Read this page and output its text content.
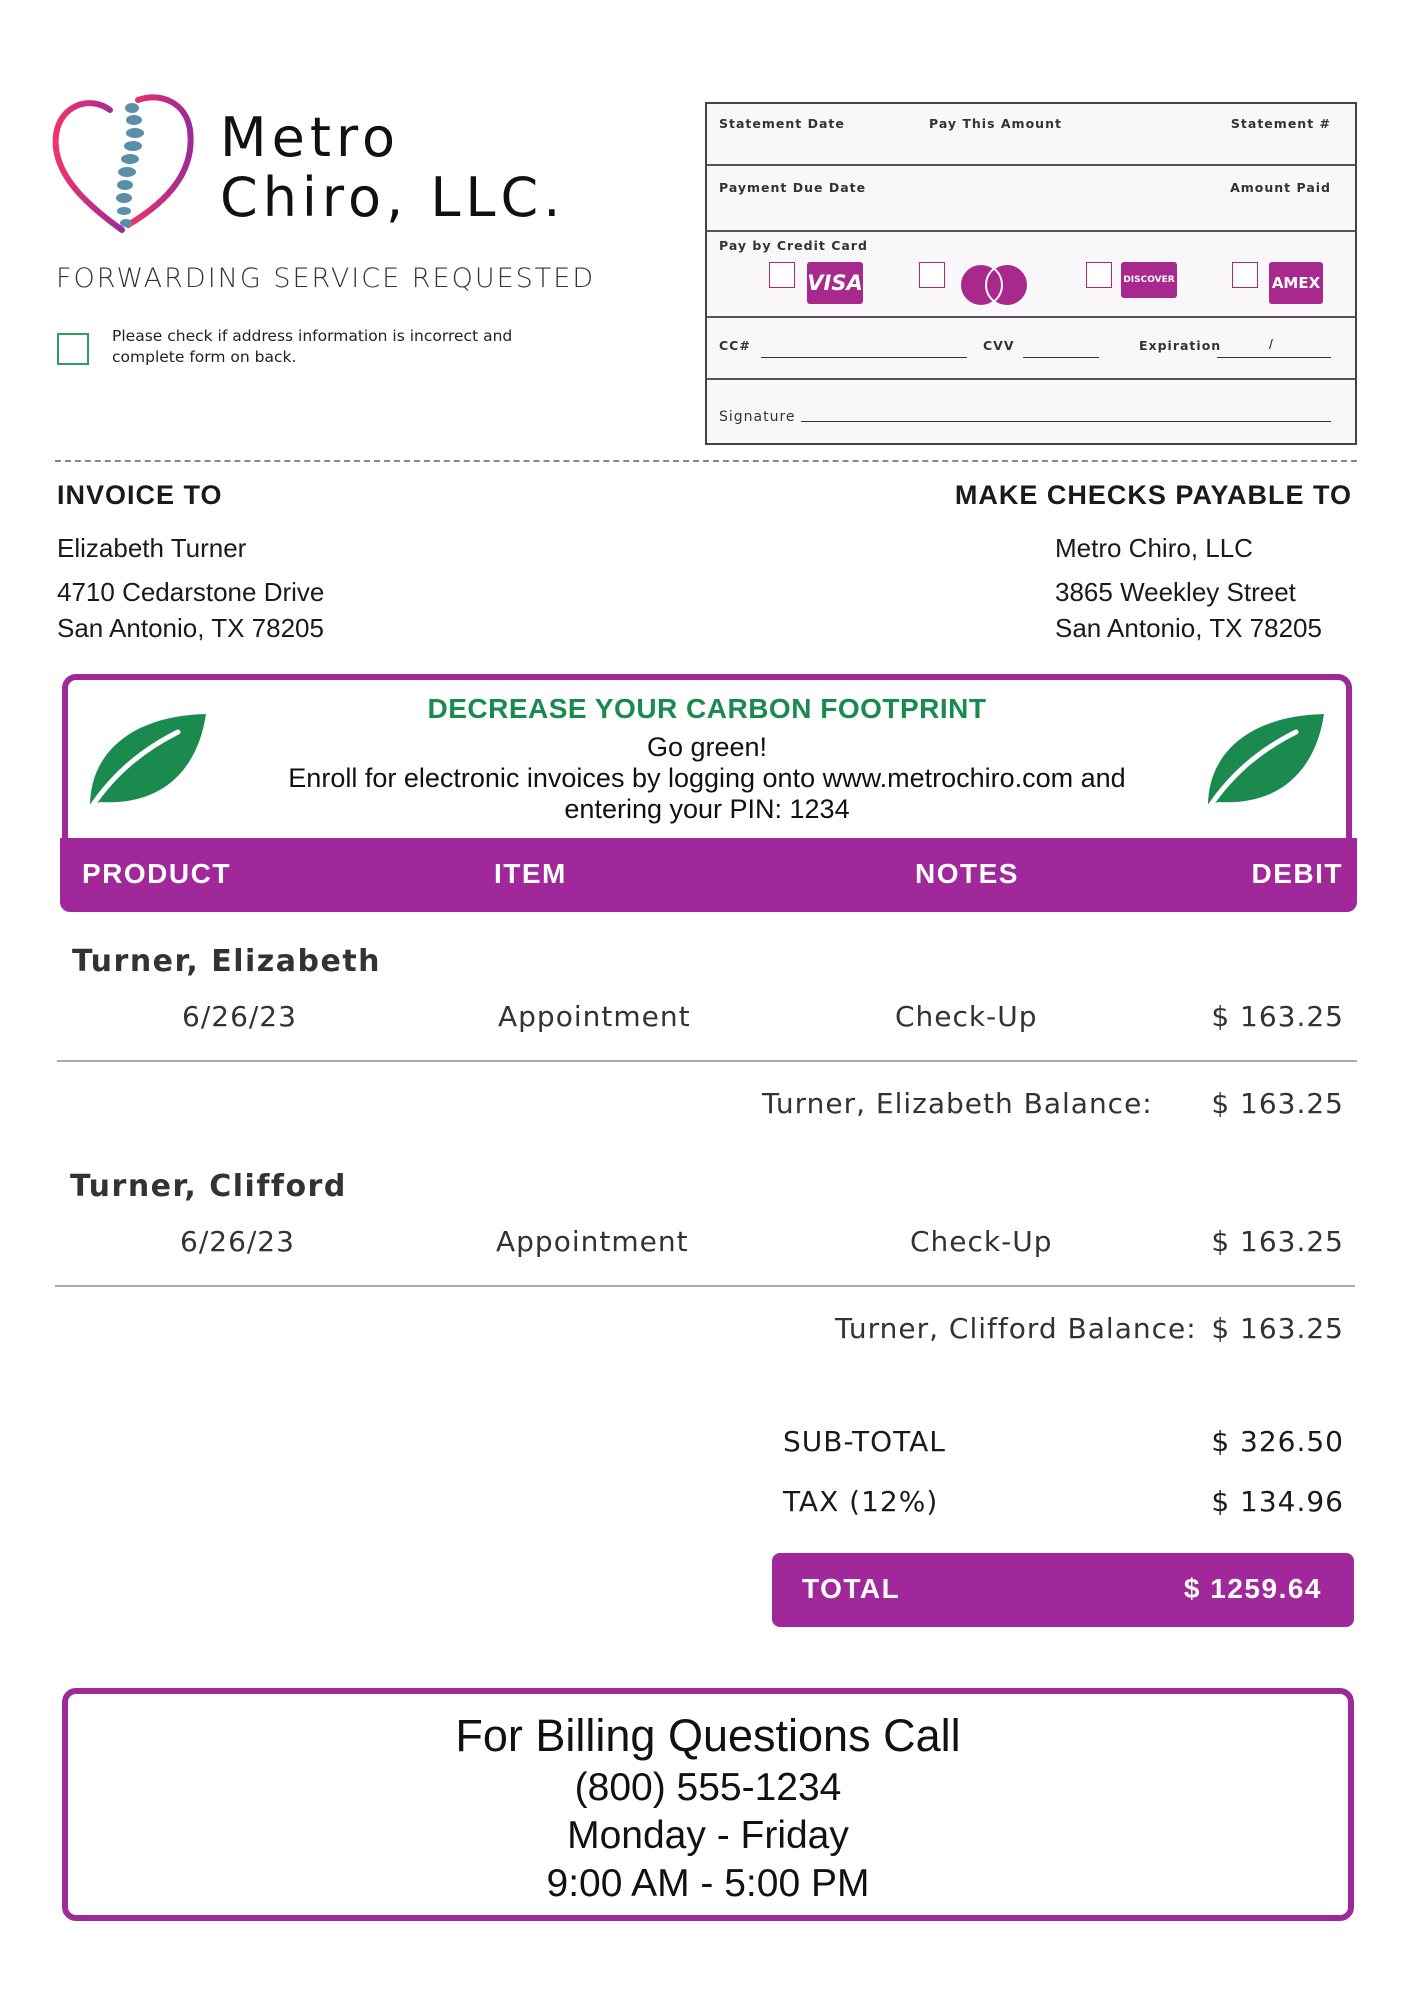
Metro
Chiro, LLC.
FORWARDING SERVICE REQUESTED
Please check if address information is incorrect and complete form on back.
Statement Date	Pay This Amount	Statement #
Payment Due Date	Amount Paid
Pay by Credit Card
VISA	DISCOVER	AMEX
CC#	CVV	Expiration	/
Signature
INVOICE TO
Elizabeth Turner
4710 Cedarstone Drive
San Antonio, TX 78205
MAKE CHECKS PAYABLE TO
Metro Chiro, LLC
3865 Weekley Street
San Antonio, TX 78205
DECREASE YOUR CARBON FOOTPRINT
Go green!
Enroll for electronic invoices by logging onto www.metrochiro.com and
entering your PIN: 1234
PRODUCT	ITEM	NOTES	DEBIT
Turner, Elizabeth
6/26/23	Appointment	Check-Up	$ 163.25
Turner, Elizabeth Balance: $ 163.25
Turner, Clifford
6/26/23	Appointment	Check-Up	$ 163.25
Turner, Clifford Balance: $ 163.25
SUB-TOTAL	$ 326.50
TAX (12%)	$ 134.96
TOTAL	$ 1259.64
For Billing Questions Call
(800) 555-1234
Monday - Friday
9:00 AM - 5:00 PM
